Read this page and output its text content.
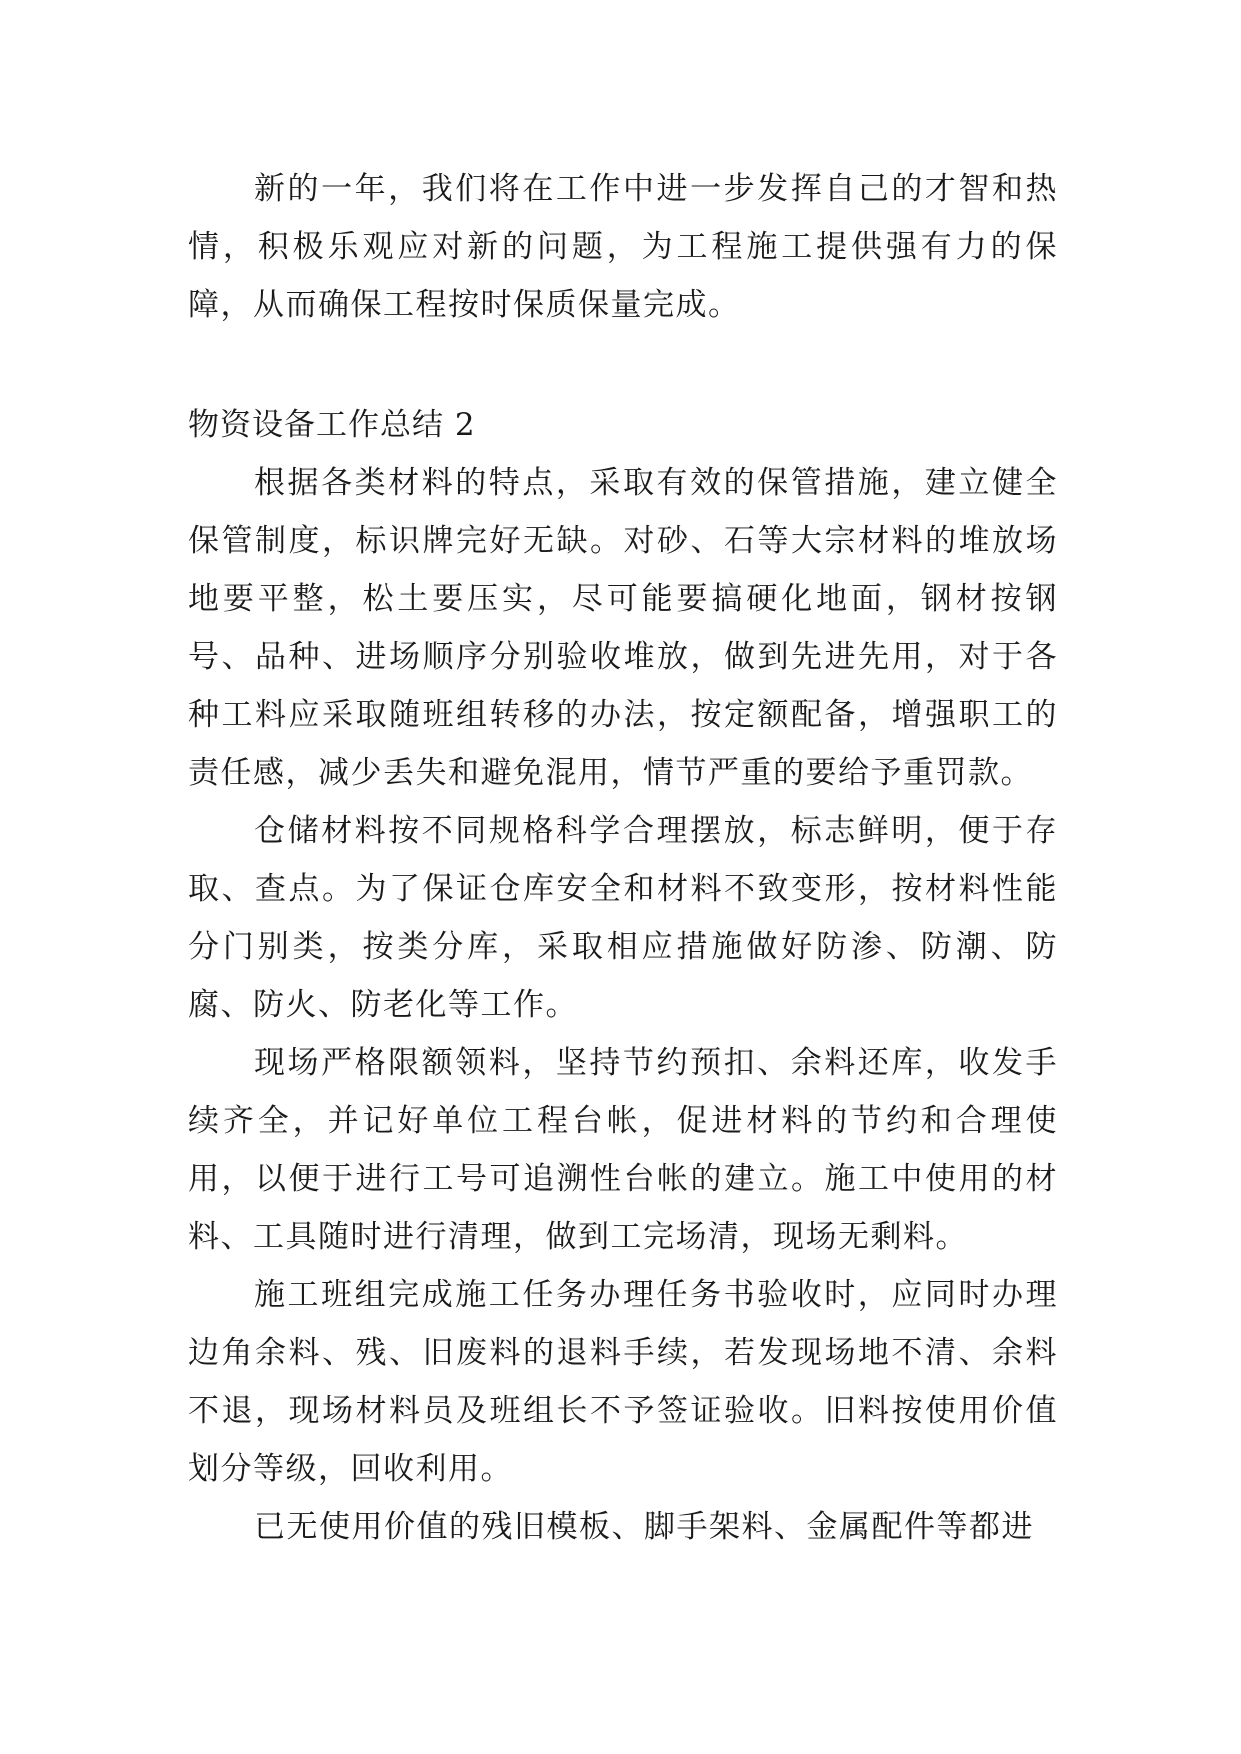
新的一年，我们将在工作中进一步发挥自己的才智和热情，积极乐观应对新的问题，为工程施工提供强有力的保障，从而确保工程按时保质保量完成。

物资设备工作总结 2

根据各类材料的特点，采取有效的保管措施，建立健全保管制度，标识牌完好无缺。对砂、石等大宗材料的堆放场地要平整，松土要压实，尽可能要搞硬化地面，钢材按钢号、品种、进场顺序分别验收堆放，做到先进先用，对于各种工料应采取随班组转移的办法，按定额配备，增强职工的责任感，减少丢失和避免混用，情节严重的要给予重罚款。

仓储材料按不同规格科学合理摆放，标志鲜明，便于存取、查点。为了保证仓库安全和材料不致变形，按材料性能分门别类，按类分库，采取相应措施做好防渗、防潮、防腐、防火、防老化等工作。

现场严格限额领料，坚持节约预扣、余料还库，收发手续齐全，并记好单位工程台帐，促进材料的节约和合理使用，以便于进行工号可追溯性台帐的建立。施工中使用的材料、工具随时进行清理，做到工完场清，现场无剩料。

施工班组完成施工任务办理任务书验收时，应同时办理边角余料、残、旧废料的退料手续，若发现场地不清、余料不退，现场材料员及班组长不予签证验收。旧料按使用价值划分等级，回收利用。

已无使用价值的残旧模板、脚手架料、金属配件等都进
